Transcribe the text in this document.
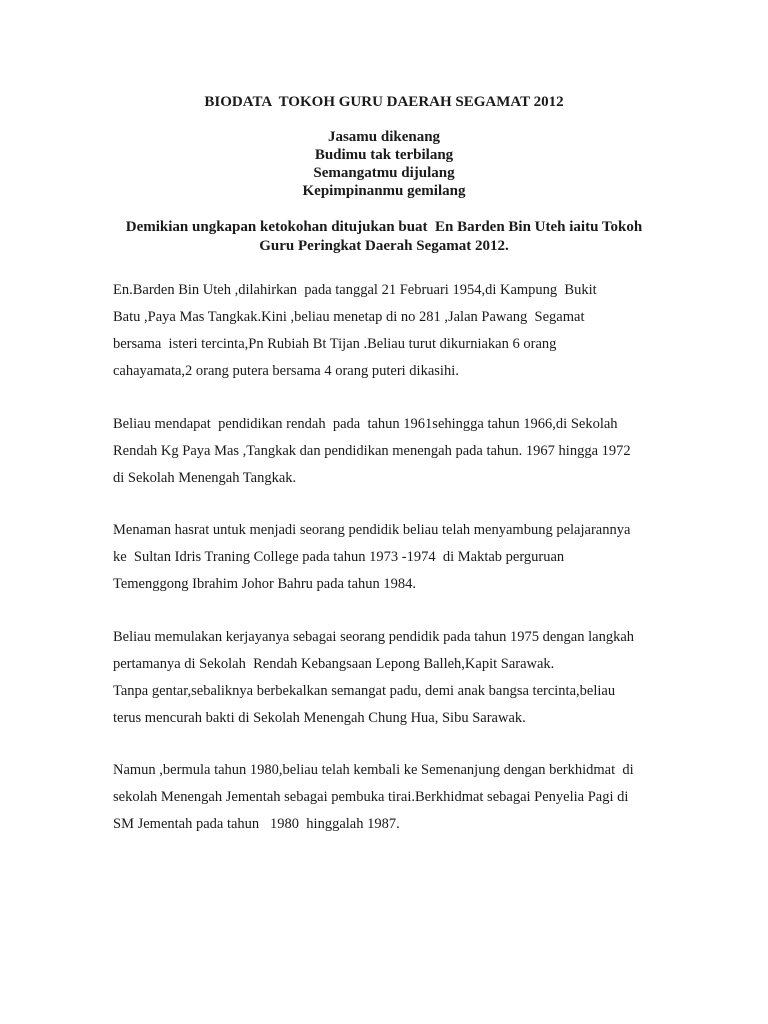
BIODATA  TOKOH GURU DAERAH SEGAMAT 2012
Jasamu dikenang
Budimu tak terbilang
Semangatmu dijulang
Kepimpinanmu gemilang
Demikian ungkapan ketokohan ditujukan buat  En Barden Bin Uteh iaitu Tokoh
Guru Peringkat Daerah Segamat 2012.
En.Barden Bin Uteh ,dilahirkan  pada tanggal 21 Februari 1954,di Kampung  Bukit
Batu ,Paya Mas Tangkak.Kini ,beliau menetap di no 281 ,Jalan Pawang  Segamat
bersama  isteri tercinta,Pn Rubiah Bt Tijan .Beliau turut dikurniakan 6 orang
cahayamata,2 orang putera bersama 4 orang puteri dikasihi.
Beliau mendapat  pendidikan rendah  pada  tahun 1961sehingga tahun 1966,di Sekolah
Rendah Kg Paya Mas ,Tangkak dan pendidikan menengah pada tahun. 1967 hingga 1972
di Sekolah Menengah Tangkak.
Menaman hasrat untuk menjadi seorang pendidik beliau telah menyambung pelajarannya
ke  Sultan Idris Traning College pada tahun 1973 -1974  di Maktab perguruan
Temenggong Ibrahim Johor Bahru pada tahun 1984.
Beliau memulakan kerjayanya sebagai seorang pendidik pada tahun 1975 dengan langkah
pertamanya di Sekolah  Rendah Kebangsaan Lepong Balleh,Kapit Sarawak.
Tanpa gentar,sebaliknya berbekalkan semangat padu, demi anak bangsa tercinta,beliau
terus mencurah bakti di Sekolah Menengah Chung Hua, Sibu Sarawak.
Namun ,bermula tahun 1980,beliau telah kembali ke Semenanjung dengan berkhidmat  di
sekolah Menengah Jementah sebagai pembuka tirai.Berkhidmat sebagai Penyelia Pagi di
SM Jementah pada tahun   1980  hinggalah 1987.
